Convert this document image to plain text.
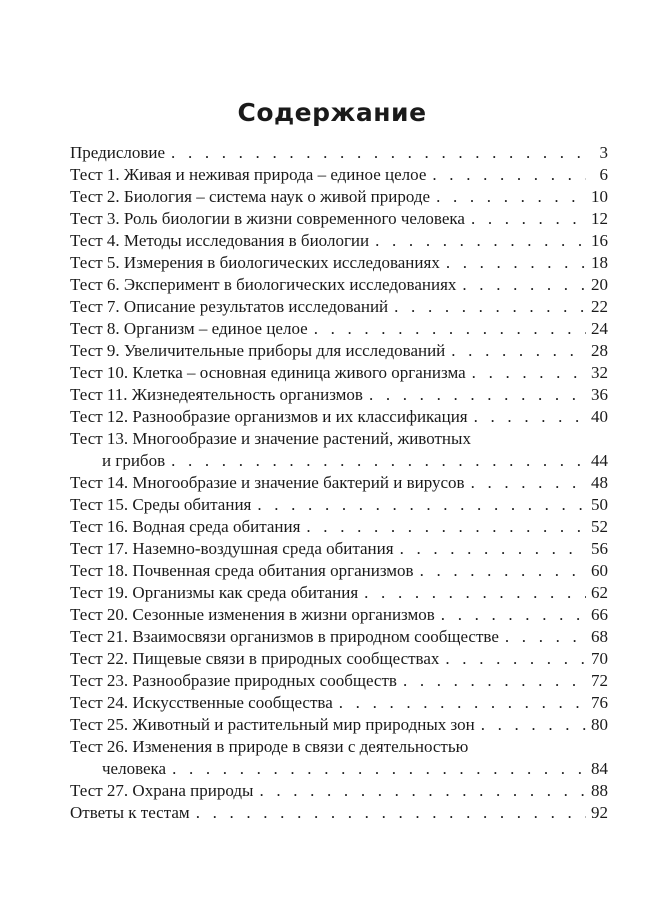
Содержание
Предисловие . . .	3
Тест 1. Живая и неживая природа – единое целое . . .	6
Тест 2. Биология – система наук о живой природе . . .	10
Тест 3. Роль биологии в жизни современного человека . . .	12
Тест 4. Методы исследования в биологии . . .	16
Тест 5. Измерения в биологических исследованиях . . .	18
Тест 6. Эксперимент в биологических исследованиях . . .	20
Тест 7. Описание результатов исследований . . .	22
Тест 8. Организм – единое целое . . .	24
Тест 9. Увеличительные приборы для исследований . . .	28
Тест 10. Клетка – основная единица живого организма . . .	32
Тест 11. Жизнедеятельность организмов . . .	36
Тест 12. Разнообразие организмов и их классификация . . .	40
Тест 13. Многообразие и значение растений, животных
и грибов . . .	44
Тест 14. Многообразие и значение бактерий и вирусов . . .	48
Тест 15. Среды обитания . . .	50
Тест 16. Водная среда обитания . . .	52
Тест 17. Наземно-воздушная среда обитания . . .	56
Тест 18. Почвенная среда обитания организмов . . .	60
Тест 19. Организмы как среда обитания . . .	62
Тест 20. Сезонные изменения в жизни организмов . . .	66
Тест 21. Взаимосвязи организмов в природном сообществе . . .	68
Тест 22. Пищевые связи в природных сообществах . . .	70
Тест 23. Разнообразие природных сообществ . . .	72
Тест 24. Искусственные сообщества . . .	76
Тест 25. Животный и растительный мир природных зон . . .	80
Тест 26. Изменения в природе в связи с деятельностью
человека . . .	84
Тест 27. Охрана природы . . .	88
Ответы к тестам . . .	92
